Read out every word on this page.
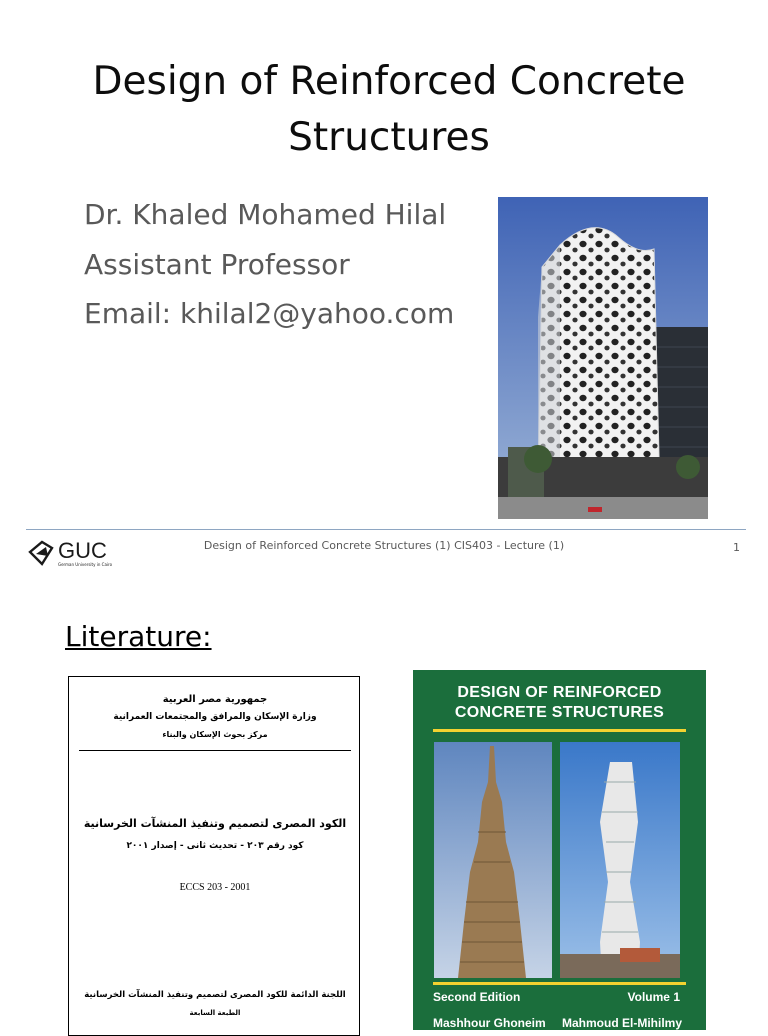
Design of Reinforced Concrete
Structures
Dr. Khaled Mohamed Hilal
Assistant Professor
Email: khilal2@yahoo.com
GUC
German University in Cairo
Design of Reinforced Concrete Structures (1) CIS403 - Lecture (1)	1
Literature:
جمهورية مصر العربية
وزارة الإسكان والمرافق والمجتمعات العمرانية
مركز بحوث الإسكان والبناء
الكود المصرى لتصميم وتنفيذ المنشآت الخرسانية
كود رقم ٢٠٣ - تحديث ثانى - إصدار ٢٠٠١
ECCS 203 - 2001
اللجنة الدائمة للكود المصرى لتصميم وتنفيذ المنشآت الخرسانية
الطبعة السابعة
DESIGN OF REINFORCED
CONCRETE STRUCTURES
Second Edition	Volume 1
Mashhour Ghoneim Mahmoud El-Mihilmy
